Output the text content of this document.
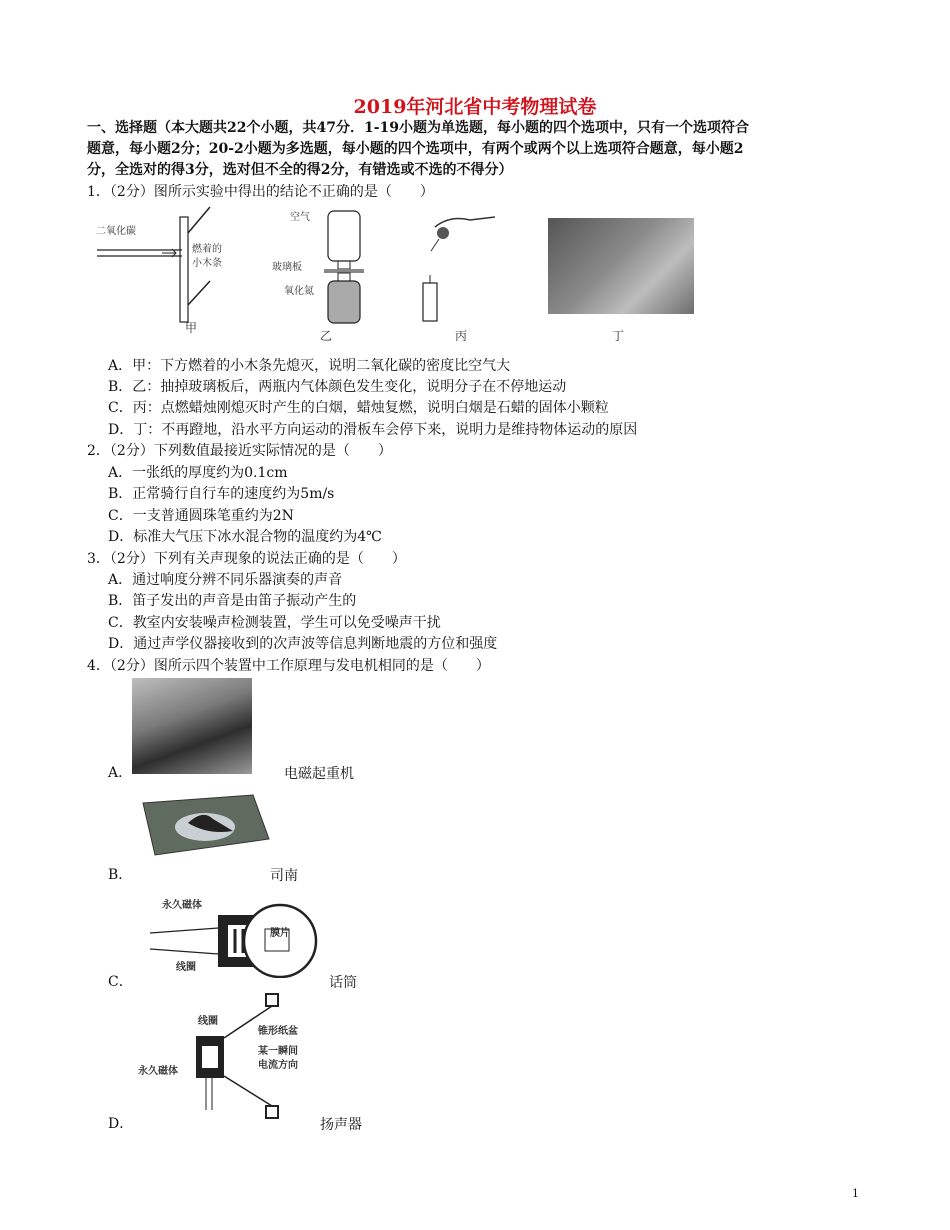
2019年河北省中考物理试卷
一、选择题（本大题共22个小题，共47分．1-19小题为单选题，每小题的四个选项中，只有一个选项符合
题意，每小题2分；20-2小题为多选题，每小题的四个选项中，有两个或两个以上选项符合题意，每小题2
分，全选对的得3分，选对但不全的得2分，有错选或不选的不得分）
1．（2分）图所示实验中得出的结论不正确的是（　　）
二氧化碳
燃着的
小木条
甲
空气
玻璃板
氧化氮
乙	丙	丁
A．甲：下方燃着的小木条先熄灭，说明二氧化碳的密度比空气大
B．乙：抽掉玻璃板后，两瓶内气体颜色发生变化，说明分子在不停地运动
C．丙：点燃蜡烛刚熄灭时产生的白烟，蜡烛复燃，说明白烟是石蜡的固体小颗粒
D．丁：不再蹬地，沿水平方向运动的滑板车会停下来，说明力是维持物体运动的原因
2．（2分）下列数值最接近实际情况的是（　　）
A．一张纸的厚度约为0.1cm
B．正常骑行自行车的速度约为5m/s
C．一支普通圆珠笔重约为2N
D．标准大气压下冰水混合物的温度约为4℃
3．（2分）下列有关声现象的说法正确的是（　　）
A．通过响度分辨不同乐器演奏的声音
B．笛子发出的声音是由笛子振动产生的
C．教室内安装噪声检测装置，学生可以免受噪声干扰
D．通过声学仪器接收到的次声波等信息判断地震的方位和强度
4．（2分）图所示四个装置中工作原理与发电机相同的是（　　）
A．	电磁起重机
B．	司南
永久磁体
膜片
线圈
C．	话筒
线圈
锥形纸盆
某一瞬间
电流方向
永久磁体
D．	扬声器
1
